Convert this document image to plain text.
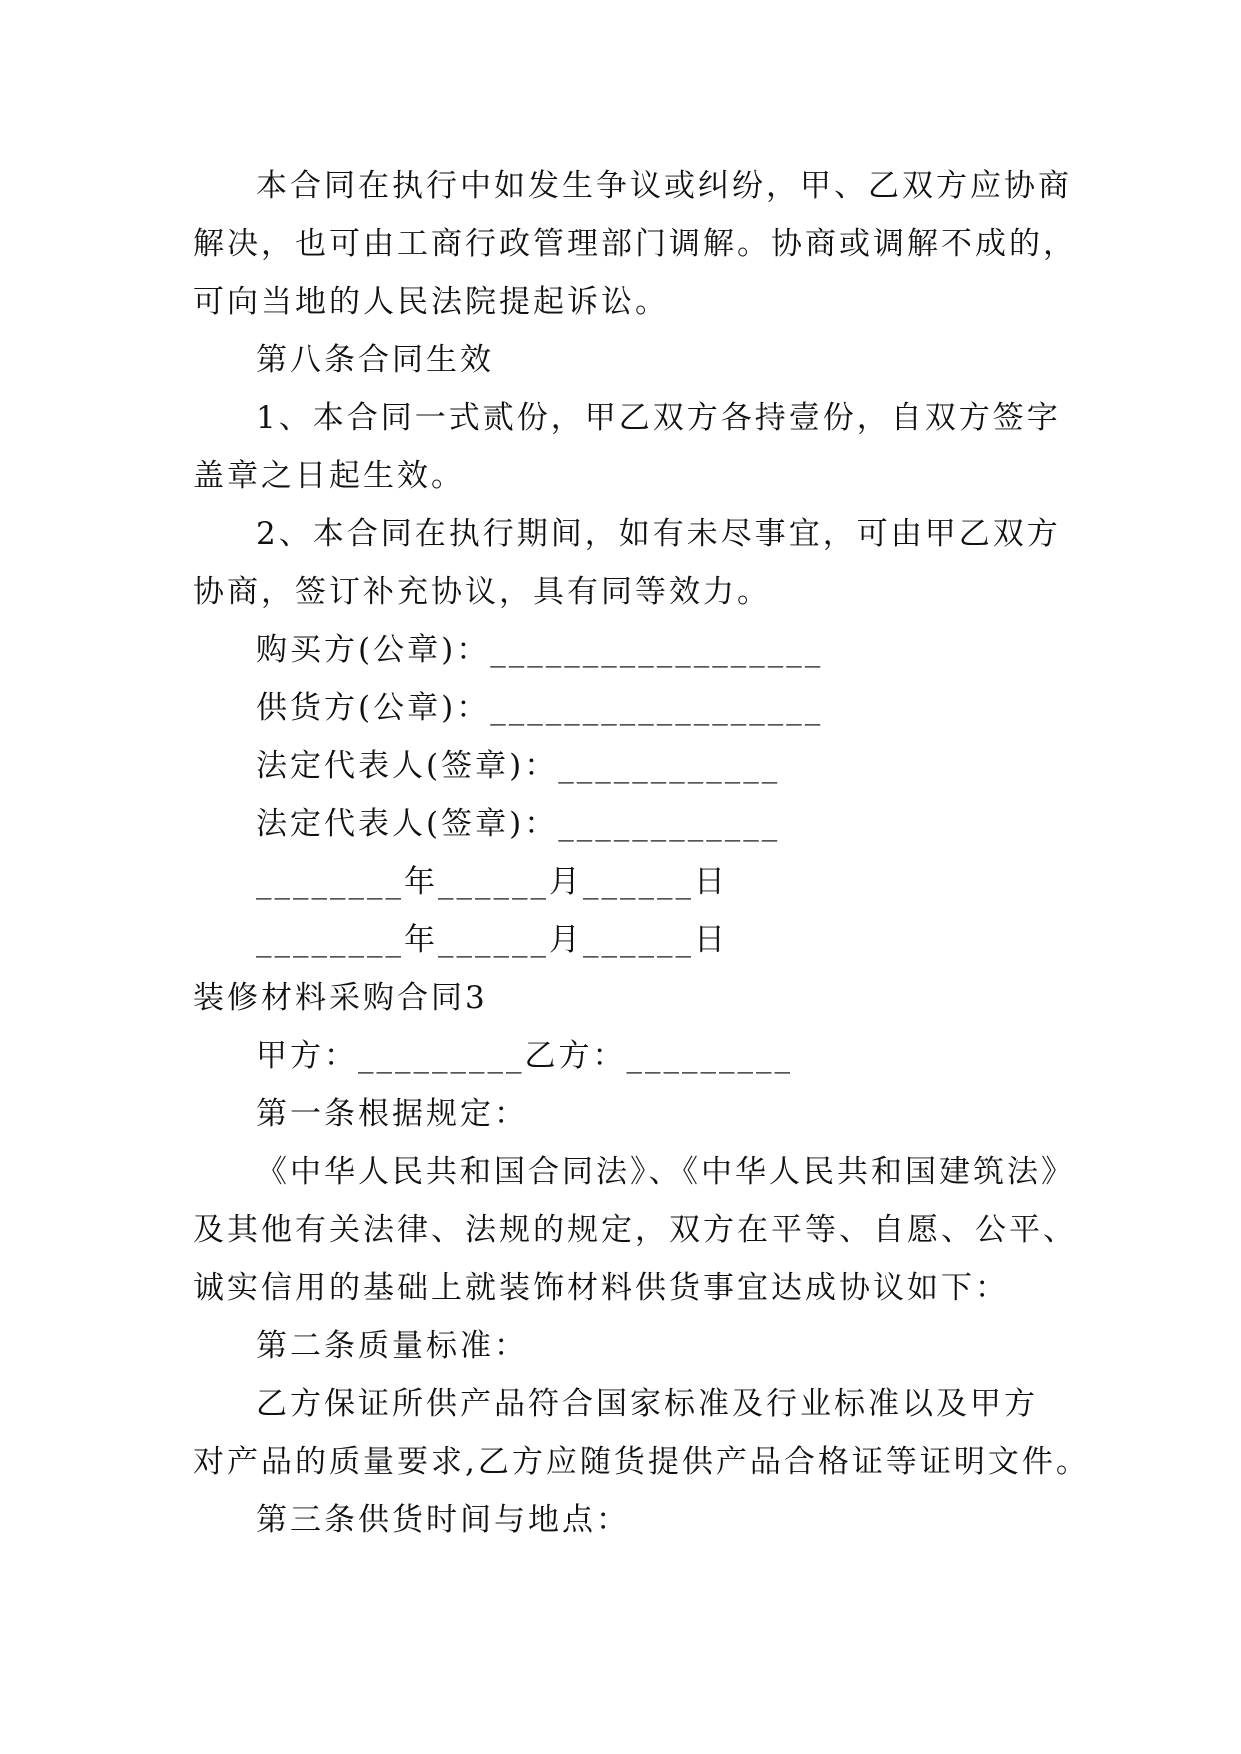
本合同在执行中如发生争议或纠纷，甲、乙双方应协商
解决，也可由工商行政管理部门调解。协商或调解不成的，
可向当地的人民法院提起诉讼。
第八条合同生效
1、本合同一式贰份，甲乙双方各持壹份，自双方签字
盖章之日起生效。
2、本合同在执行期间，如有未尽事宜，可由甲乙双方
协商，签订补充协议，具有同等效力。
购买方(公章)：__________________
供货方(公章)：__________________
法定代表人(签章)：____________
法定代表人(签章)：____________
________年______月______日
________年______月______日
装修材料采购合同3
甲方：_________乙方：_________
第一条根据规定：
《中华人民共和国合同法》、《中华人民共和国建筑法》
及其他有关法律、法规的规定，双方在平等、自愿、公平、
诚实信用的基础上就装饰材料供货事宜达成协议如下：
第二条质量标准：
乙方保证所供产品符合国家标准及行业标准以及甲方
对产品的质量要求,乙方应随货提供产品合格证等证明文件。
第三条供货时间与地点：
